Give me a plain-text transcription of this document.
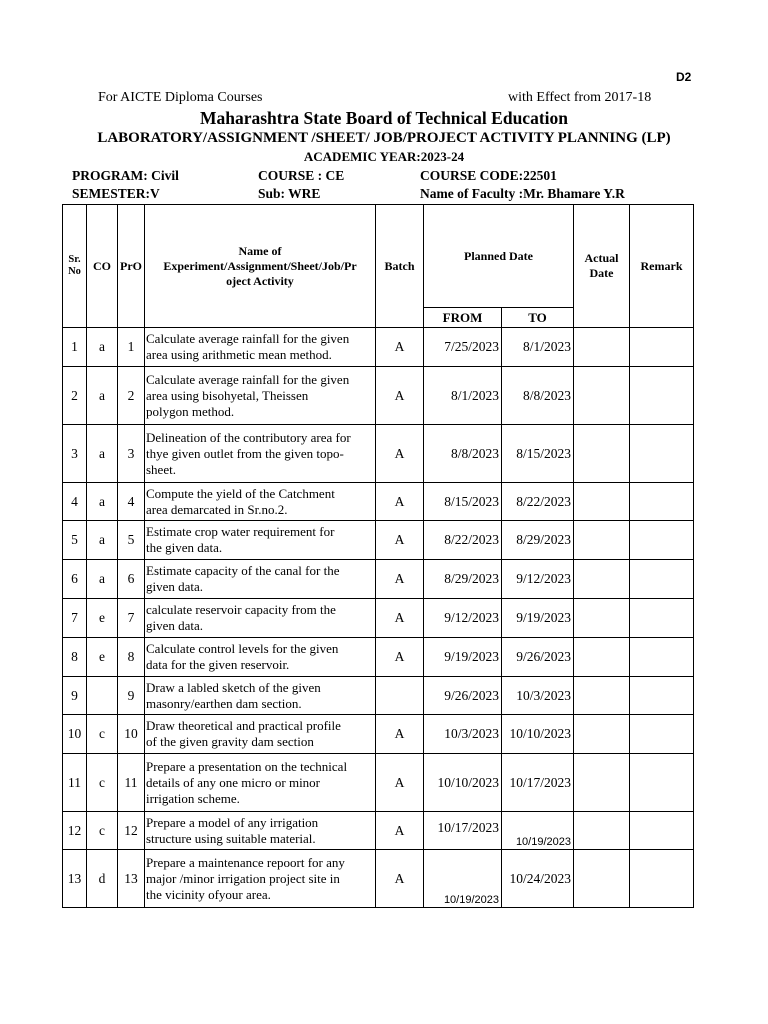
D2
For AICTE Diploma Courses	with Effect from 2017-18
Maharashtra State Board of Technical Education
LABORATORY/ASSIGNMENT /SHEET/ JOB/PROJECT ACTIVITY PLANNING (LP)
ACADEMIC YEAR:2023-24
PROGRAM: Civil	COURSE : CE	COURSE CODE:22501
SEMESTER:V	Sub: WRE	Name of Faculty :Mr. Bhamare Y.R
Sr.
No	CO	PrO	Name of
Experiment/Assignment/Sheet/Job/Pr
oject Activity	Batch	Planned Date		Actual
Date	Remark
					FROM	TO		
1	a	1	Calculate average rainfall for the given
area using arithmetic mean method.	A	7/25/2023	8/1/2023		
2	a	2	Calculate average rainfall for the given
area using bisohyetal, Theissen
polygon method.	A	8/1/2023	8/8/2023		
3	a	3	Delineation of the contributory area for
thye given outlet from the given topo-
sheet.	A	8/8/2023	8/15/2023		
4	a	4	Compute the yield of the Catchment
area demarcated in Sr.no.2.	A	8/15/2023	8/22/2023		
5	a	5	Estimate crop water requirement for
the given data.	A	8/22/2023	8/29/2023		
6	a	6	Estimate capacity of the canal for the
given data.	A	8/29/2023	9/12/2023		
7	e	7	calculate reservoir capacity from the
given data.	A	9/12/2023	9/19/2023		
8	e	8	Calculate control levels for the given
data for the given reservoir.	A	9/19/2023	9/26/2023		
9		9	Draw a labled sketch of the given
masonry/earthen dam section.		9/26/2023	10/3/2023		
10	c	10	Draw theoretical and practical profile
of the given gravity dam section	A	10/3/2023	10/10/2023		
11	c	11	Prepare a presentation on the technical
details of any one micro or minor
irrigation scheme.	A	10/10/2023	10/17/2023		
12	c	12	Prepare a model of any irrigation
structure using suitable material.	A	10/17/2023	10/19/2023		
13	d	13	Prepare a maintenance repoort for any
major /minor irrigation project site in
the vicinity ofyour area.	A	10/19/2023	10/24/2023		
